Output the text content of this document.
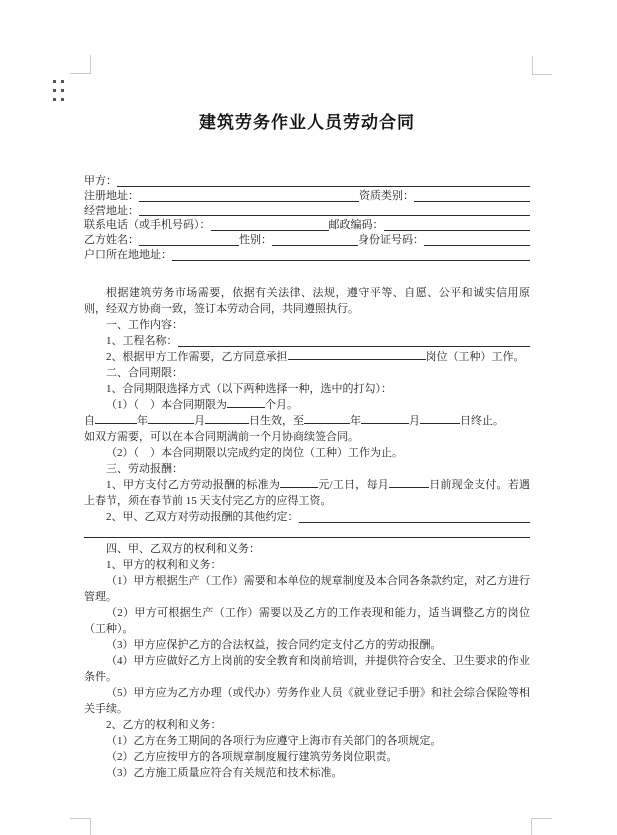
建筑劳务作业人员劳动合同
甲方：
注册地址：	资质类别：
经营地址：
联系电话（或手机号码）：	邮政编码：
乙方姓名：	性别：	身份证号码：
户口所在地地址：

根据建筑劳务市场需要，依据有关法律、法规，遵守平等、自愿、公平和诚实信用原则，经双方协商一致，签订本劳动合同，共同遵照执行。

一、工作内容：

1、工程名称：

2、根据甲方工作需要，乙方同意承担	岗位（工种）工作。

二、合同期限：

1、合同期限选择方式（以下两种选择一种，选中的打勾）：

（1）（　）本合同期限为	个月。

自	年	月	日生效，至	年	月	日终止。

如双方需要，可以在本合同期满前一个月协商续签合同。

（2）（　）本合同期限以完成约定的岗位（工种）工作为止。

三、劳动报酬：

1、甲方支付乙方劳动报酬的标准为	元/工日，每月	日前现金支付。若遇上春节，须在春节前 15 天支付完乙方的应得工资。

2、甲、乙双方对劳动报酬的其他约定：

四、甲、乙双方的权利和义务：

1、甲方的权利和义务：

（1）甲方根据生产（工作）需要和本单位的规章制度及本合同各条款约定，对乙方进行管理。

（2）甲方可根据生产（工作）需要以及乙方的工作表现和能力，适当调整乙方的岗位（工种）。

（3）甲方应保护乙方的合法权益，按合同约定支付乙方的劳动报酬。

（4）甲方应做好乙方上岗前的安全教育和岗前培训，并提供符合安全、卫生要求的作业条件。

（5）甲方应为乙方办理（或代办）劳务作业人员《就业登记手册》和社会综合保险等相关手续。

2、乙方的权利和义务：

（1）乙方在务工期间的各项行为应遵守上海市有关部门的各项规定。

（2）乙方应按甲方的各项规章制度履行建筑劳务岗位职责。

（3）乙方施工质量应符合有关规范和技术标准。
